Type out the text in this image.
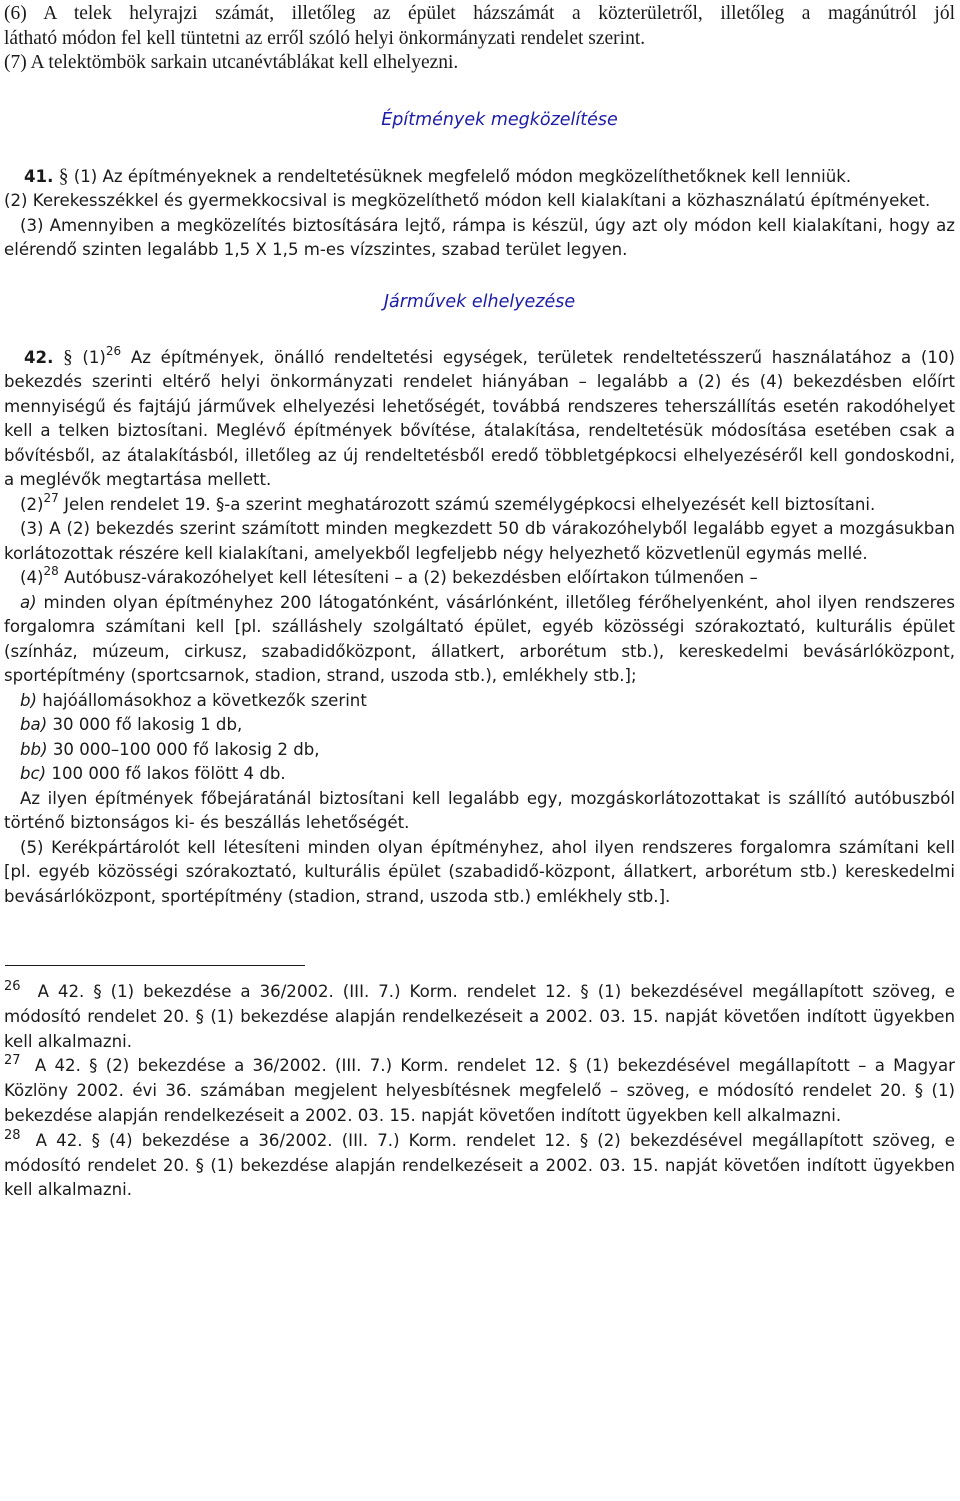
(6) A telek helyrajzi számát, illetőleg az épület házszámát a közterületről, illetőleg a magánútról jól

látható módon fel kell tüntetni az erről szóló helyi önkormányzati rendelet szerint.

(7) A telektömbök sarkain utcanévtáblákat kell elhelyezni.

Építmények megközelítése

41. § (1) Az építményeknek a rendeltetésüknek megfelelő módon megközelíthetőknek kell lenniük.

(2) Kerekesszékkel és gyermekkocsival is megközelíthető módon kell kialakítani a közhasználatú építményeket.

(3) Amennyiben a megközelítés biztosítására lejtő, rámpa is készül, úgy azt oly módon kell kialakítani, hogy az elérendő szinten legalább 1,5 X 1,5 m-es vízszintes, szabad terület legyen.

Járművek elhelyezése

42. § $(1)^{26}$ Az építmények, önálló rendeltetési egységek, területek rendeltetésszerű használatához a (10) bekezdés szerinti eltérő helyi önkormányzati rendelet hiányában – legalább a (2) és (4) bekezdésben előírt mennyiségű és fajtájú járművek elhelyezési lehetőségét, továbbá rendszeres teherszállítás esetén rakodóhelyet kell a telken biztosítani. Meglévő építmények bővítése, átalakítása, rendeltetésük módosítása esetében csak a bővítésből, az átalakításból, illetőleg az új rendeltetésből eredő többletgépkocsi elhelyezéséről kell gondoskodni, a meglévők megtartása mellett.

$(2)^{27}$ Jelen rendelet 19. §-a szerint meghatározott számú személygépkocsi elhelyezését kell biztosítani.

(3) A (2) bekezdés szerint számított minden megkezdett 50 db várakozóhelyből legalább egyet a mozgásukban korlátozottak részére kell kialakítani, amelyekből legfeljebb négy helyezhető közvetlenül egymás mellé.

$(4)^{28}$ Autóbusz-várakozóhelyet kell létesíteni – a (2) bekezdésben előírtakon túlmenően –

a) minden olyan építményhez 200 látogatónként, vásárlónként, illetőleg férőhelyenként, ahol ilyen rendszeres forgalomra számítani kell [pl. szálláshely szolgáltató épület, egyéb közösségi szórakoztató, kulturális épület (színház, múzeum, cirkusz, szabadidőközpont, állatkert, arborétum stb.), kereskedelmi bevásárlóközpont, sportépítmény (sportcsarnok, stadion, strand, uszoda stb.), emlékhely stb.];

b) hajóállomásokhoz a következők szerint

ba) 30 000 fő lakosig 1 db,

bb) 30 000–100 000 fő lakosig 2 db,

bc) 100 000 fő lakos fölött 4 db.

Az ilyen építmények főbejáratánál biztosítani kell legalább egy, mozgáskorlátozottakat is szállító autóbuszból történő biztonságos ki- és beszállás lehetőségét.

(5) Kerékpártárolót kell létesíteni minden olyan építményhez, ahol ilyen rendszeres forgalomra számítani kell [pl. egyéb közösségi szórakoztató, kulturális épület (szabadidő-központ, állatkert, arborétum stb.) kereskedelmi bevásárlóközpont, sportépítmény (stadion, strand, uszoda stb.) emlékhely stb.].

$^{26}$ A 42. § (1) bekezdése a 36/2002. (III. 7.) Korm. rendelet 12. § (1) bekezdésével megállapított szöveg, e módosító rendelet 20. § (1) bekezdése alapján rendelkezéseit a 2002. 03. 15. napját követően indított ügyekben kell alkalmazni.

$^{27}$ A 42. § (2) bekezdése a 36/2002. (III. 7.) Korm. rendelet 12. § (1) bekezdésével megállapított – a Magyar Közlöny 2002. évi 36. számában megjelent helyesbítésnek megfelelő – szöveg, e módosító rendelet 20. § (1) bekezdése alapján rendelkezéseit a 2002. 03. 15. napját követően indított ügyekben kell alkalmazni.

$^{28}$ A 42. § (4) bekezdése a 36/2002. (III. 7.) Korm. rendelet 12. § (2) bekezdésével megállapított szöveg, e módosító rendelet 20. § (1) bekezdése alapján rendelkezéseit a 2002. 03. 15. napját követően indított ügyekben kell alkalmazni.
